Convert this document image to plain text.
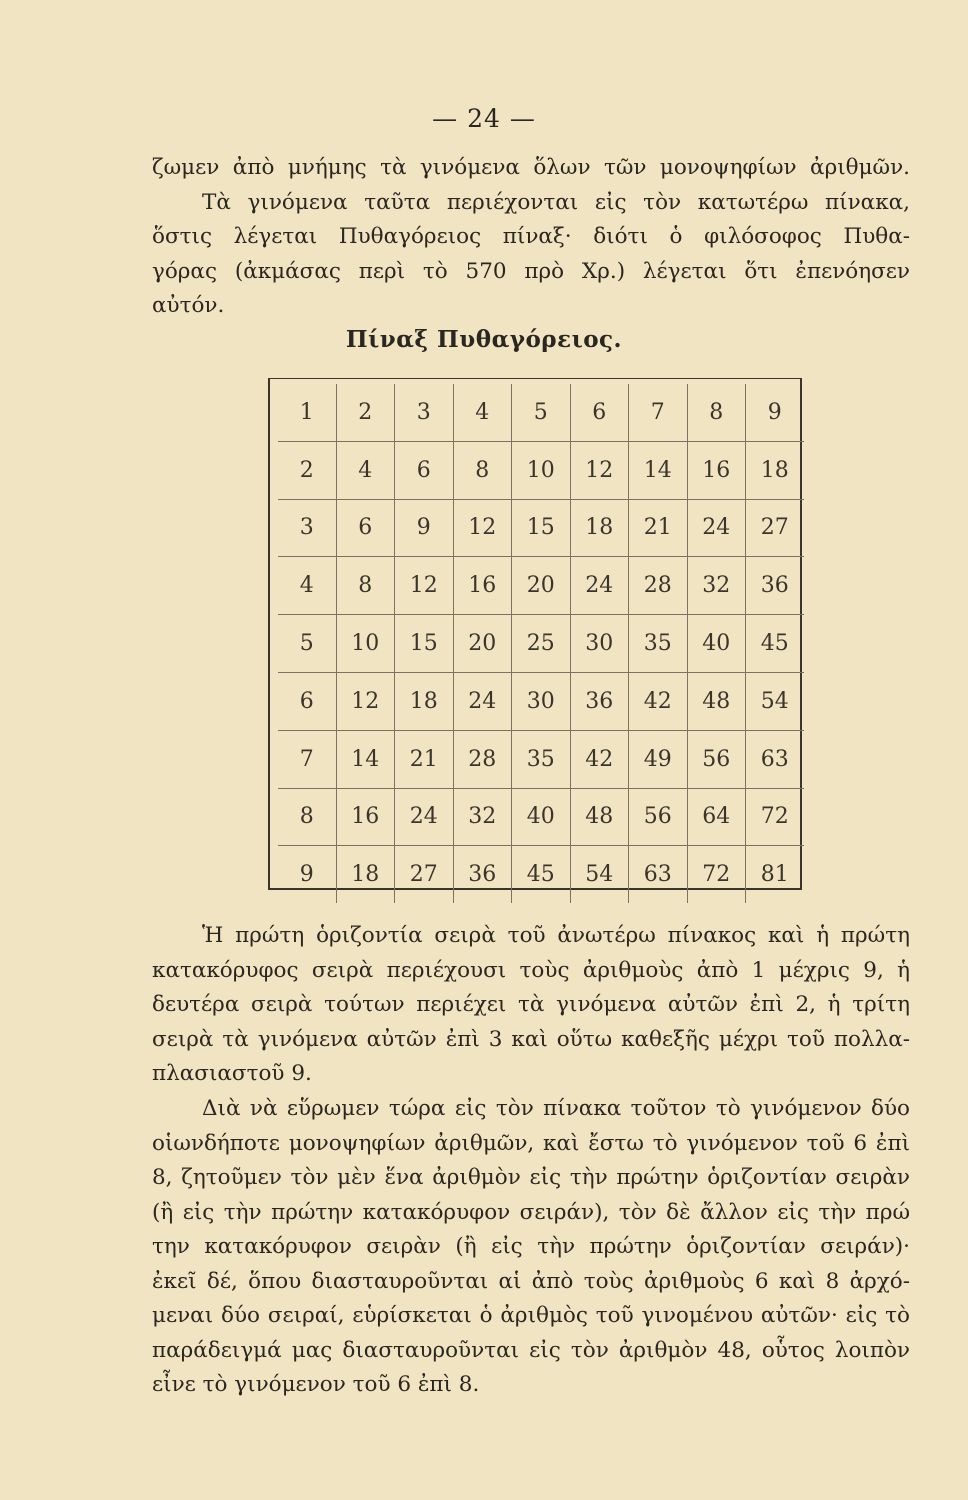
— 24 —
ζωμεν ἀπὸ μνήμης τὰ γινόμενα ὅλων τῶν μονοψηφίων ἀριθμῶν.
Τὰ γινόμενα ταῦτα περιέχονται εἰς τὸν κατωτέρω πίνακα,
ὅστις λέγεται Πυθαγόρειος πίναξ· διότι ὁ φιλόσοφος Πυθα-
γόρας (ἀκμάσας περὶ τὸ 570 πρὸ Χρ.) λέγεται ὅτι ἐπενόησεν
αὐτόν.
Πίναξ Πυθαγόρειος.
1	2	3	4	5	6	7	8	9
2	4	6	8	10	12	14	16	18
3	6	9	12	15	18	21	24	27
4	8	12	16	20	24	28	32	36
5	10	15	20	25	30	35	40	45
6	12	18	24	30	36	42	48	54
7	14	21	28	35	42	49	56	63
8	16	24	32	40	48	56	64	72
9	18	27	36	45	54	63	72	81
Ἡ πρώτη ὁριζοντία σειρὰ τοῦ ἀνωτέρω πίνακος καὶ ἡ πρώτη
κατακόρυφος σειρὰ περιέχουσι τοὺς ἀριθμοὺς ἀπὸ 1 μέχρις 9, ἡ
δευτέρα σειρὰ τούτων περιέχει τὰ γινόμενα αὐτῶν ἐπὶ 2, ἡ τρίτη
σειρὰ τὰ γινόμενα αὐτῶν ἐπὶ 3 καὶ οὕτω καθεξῆς μέχρι τοῦ πολλα-
πλασιαστοῦ 9.
Διὰ νὰ εὕρωμεν τώρα εἰς τὸν πίνακα τοῦτον τὸ γινόμενον δύο
οἱωνδήποτε μονοψηφίων ἀριθμῶν, καὶ ἔστω τὸ γινόμενον τοῦ 6 ἐπὶ
8, ζητοῦμεν τὸν μὲν ἕνα ἀριθμὸν εἰς τὴν πρώτην ὁριζοντίαν σειρὰν
(ἢ εἰς τὴν πρώτην κατακόρυφον σειράν), τὸν δὲ ἄλλον εἰς τὴν πρώ
την κατακόρυφον σειρὰν (ἢ εἰς τὴν πρώτην ὁριζοντίαν σειράν)·
ἐκεῖ δέ, ὅπου διασταυροῦνται αἱ ἀπὸ τοὺς ἀριθμοὺς 6 καὶ 8 ἀρχό-
μεναι δύο σειραί, εὑρίσκεται ὁ ἀριθμὸς τοῦ γινομένου αὐτῶν· εἰς τὸ
παράδειγμά μας διασταυροῦνται εἰς τὸν ἀριθμὸν 48, οὗτος λοιπὸν
εἶνε τὸ γινόμενον τοῦ 6 ἐπὶ 8.
